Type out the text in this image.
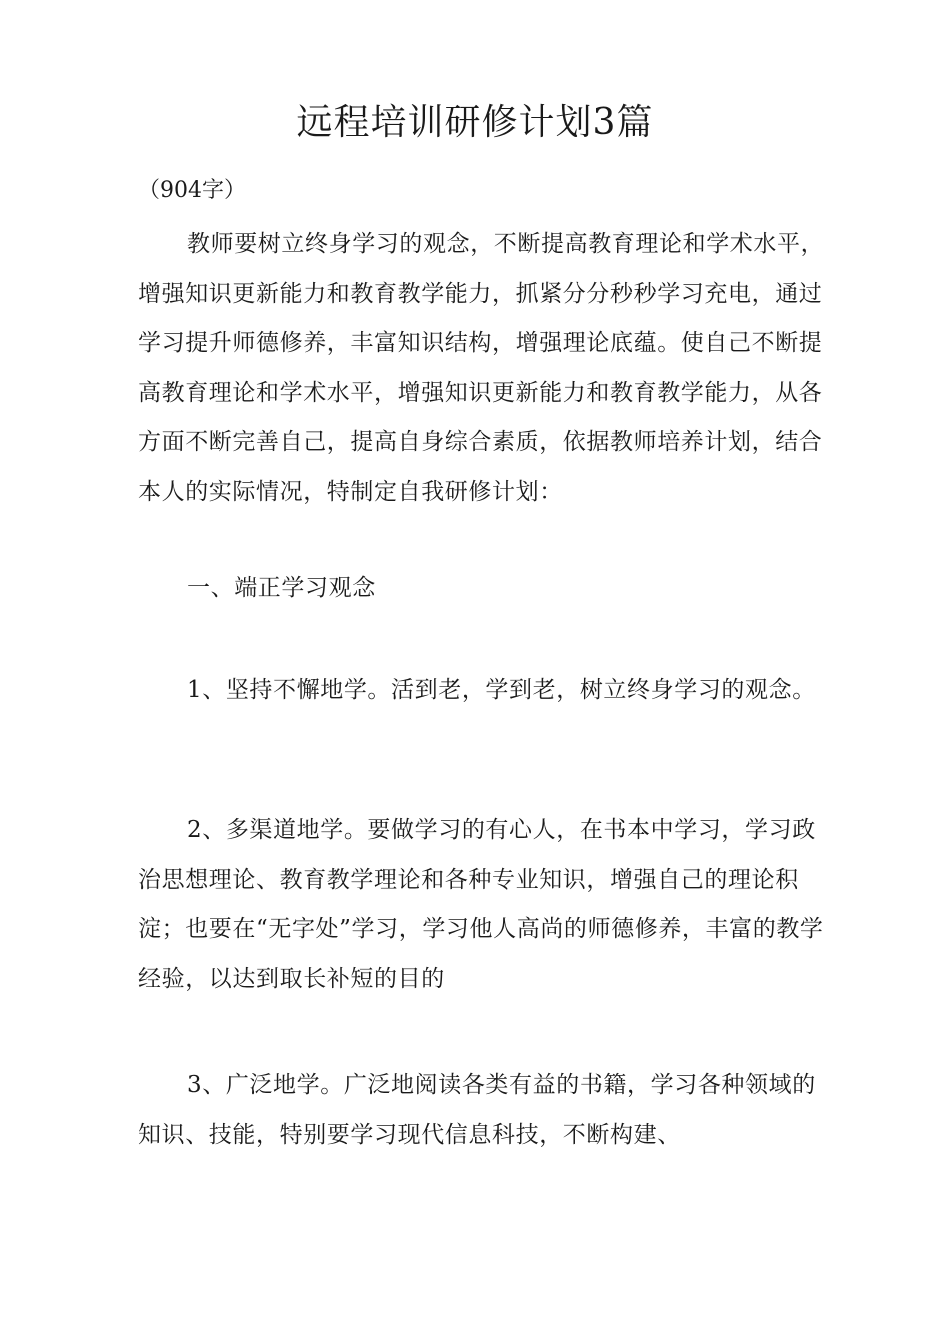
远程培训研修计划3篇
（904字）

教师要树立终身学习的观念，不断提高教育理论和学术水平，增强知识更新能力和教育教学能力，抓紧分分秒秒学习充电，通过学习提升师德修养，丰富知识结构，增强理论底蕴。使自己不断提高教育理论和学术水平，增强知识更新能力和教育教学能力，从各方面不断完善自己，提高自身综合素质，依据教师培养计划，结合本人的实际情况，特制定自我研修计划：

一、端正学习观念

1、坚持不懈地学。活到老，学到老，树立终身学习的观念。

2、多渠道地学。要做学习的有心人，在书本中学习，学习政治思想理论、教育教学理论和各种专业知识，增强自己的理论积淀；也要在“无字处”学习，学习他人高尚的师德修养，丰富的教学经验，以达到取长补短的目的

3、广泛地学。广泛地阅读各类有益的书籍，学习各种领域的知识、技能，特别要学习现代信息科技，不断构建、
